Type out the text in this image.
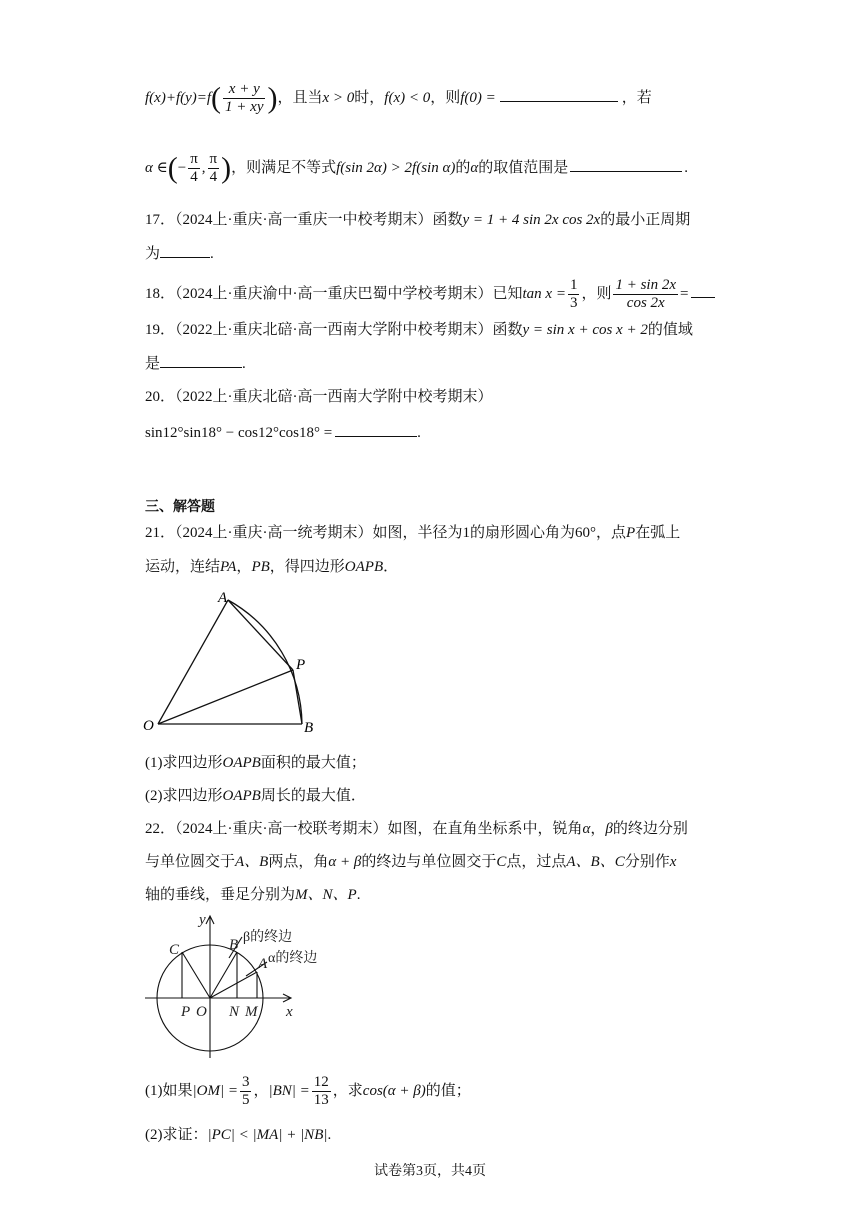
$f(x)+f(y)=f( \frac{x + y}{1 + xy}$ )，且当x > 0时，f(x) < 0，则f(0) =	，若
α ∈(− $\frac{\pi}{4}$ , $\frac{\pi}{4}$ )，则满足不等式f(sin 2α) > 2f(sin α)的α的取值范围是	.
17．（2024上·重庆·高一重庆一中校考期末）函数y = 1 + 4 sin 2x cos 2x的最小正周期
为	.
18．（2024上·重庆渝中·高一重庆巴蜀中学校考期末）已知$\tan x = \frac{1}{3}$ ，则 $\frac{1 + \sin 2x}{\cos 2x}$ =
19．（2022上·重庆北碚·高一西南大学附中校考期末）函数y = sin x + cos x + 2的值域
是	.
20．（2022上·重庆北碚·高一西南大学附中校考期末）
sin12°sin18° − cos12°cos18° =	.
三、解答题
21．（2024上·重庆·高一统考期末）如图，半径为1的扇形圆心角为60°，点P在弧上
运动，连结PA，PB，得四边形OAPB．
A
P
O	B
(1)求四边形OAPB面积的最大值；
(2)求四边形OAPB周长的最大值．
22．（2024上·重庆·高一校联考期末）如图，在直角坐标系中，锐角α，β的终边分别
与单位圆交于A、B两点，角α + β的终边与单位圆交于C点，过点A、B、C分别作x
轴的垂线，垂足分别为M、N、P.
y
x
C	B
A
P O N M
β的终边
α的终边
(1)如果$|OM| = \frac{3}{5}$ ，$|BN| = \frac{12}{13}$ ，求cos(α + β)的值；
(2)求证：|PC| < |MA| + |NB|.
试卷第3页，共4页
